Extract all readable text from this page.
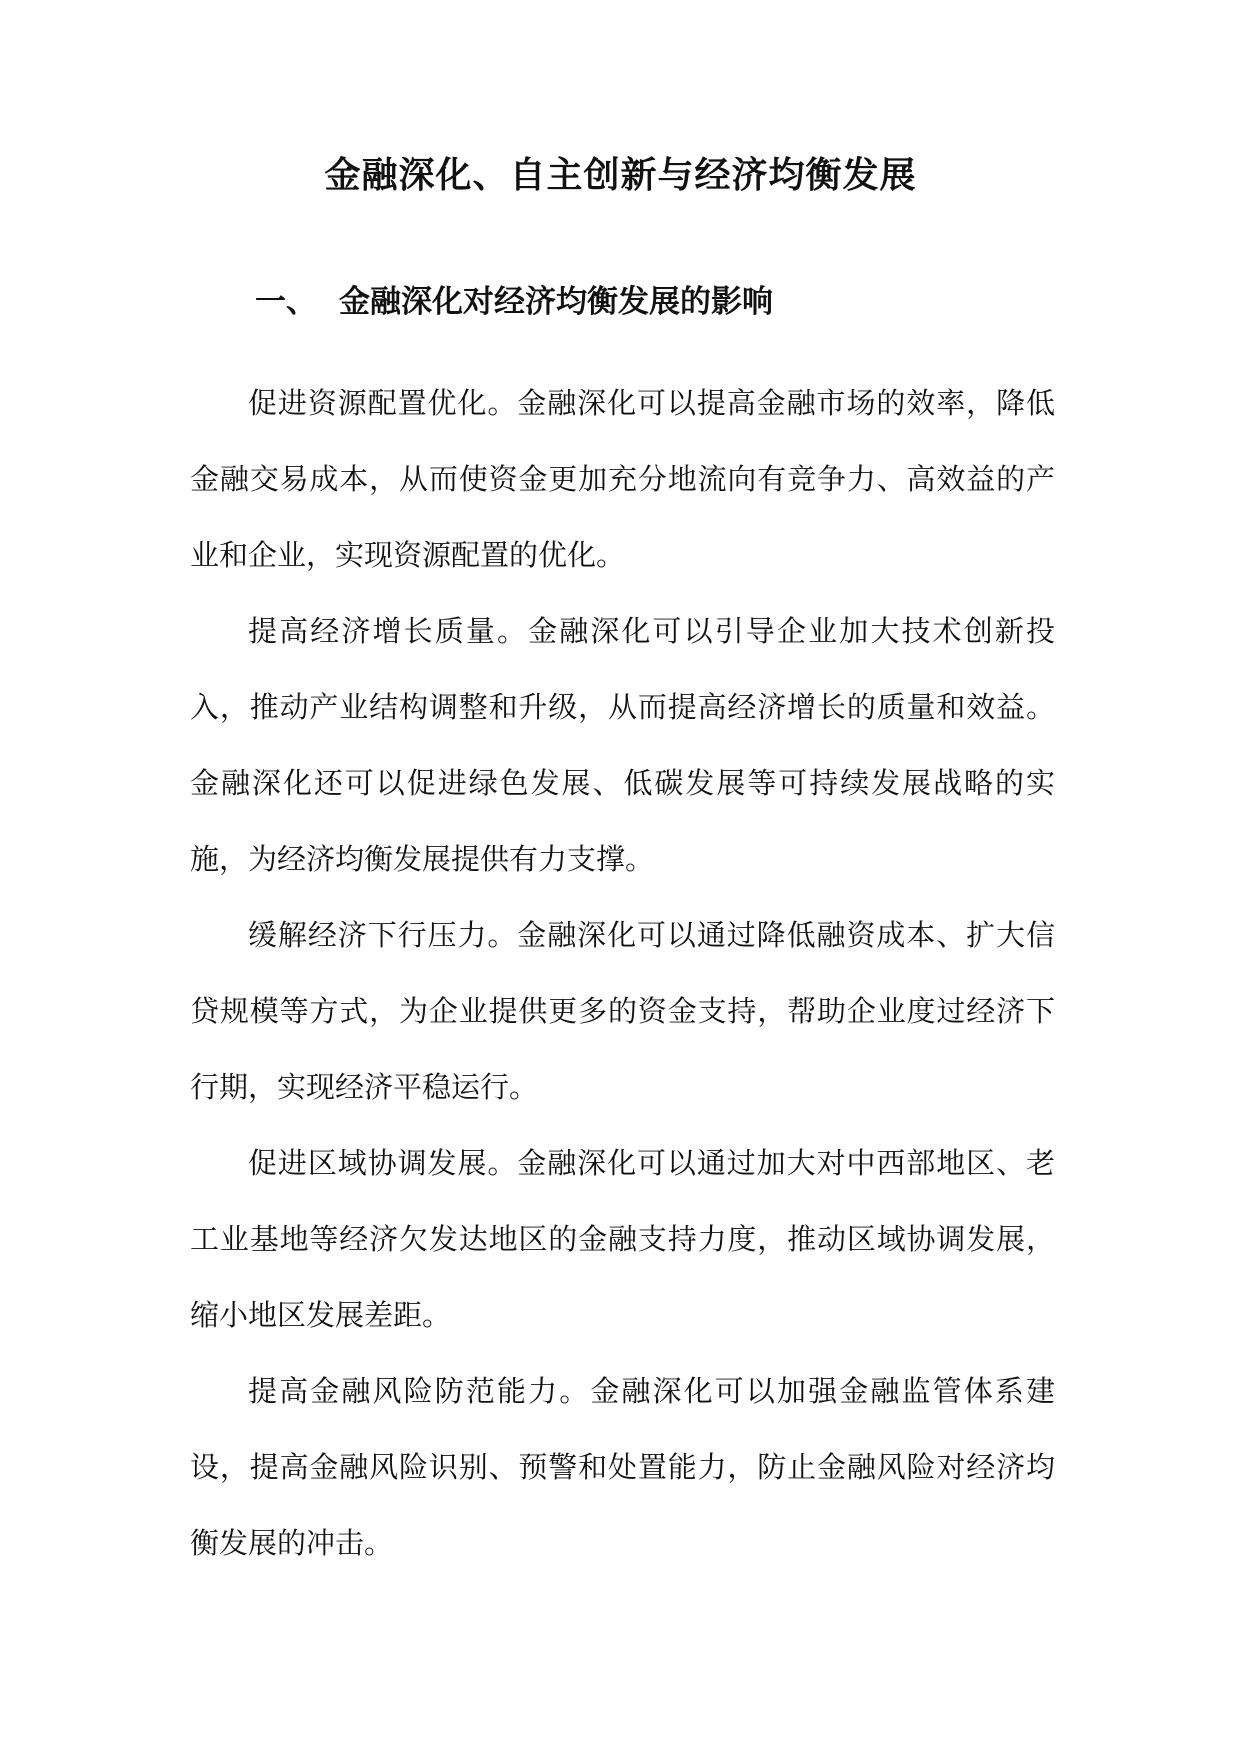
金融深化、自主创新与经济均衡发展
一、 金融深化对经济均衡发展的影响

促进资源配置优化。金融深化可以提高金融市场的效率，降低金融交易成本，从而使资金更加充分地流向有竞争力、高效益的产业和企业，实现资源配置的优化。

提高经济增长质量。金融深化可以引导企业加大技术创新投入，推动产业结构调整和升级，从而提高经济增长的质量和效益。金融深化还可以促进绿色发展、低碳发展等可持续发展战略的实施，为经济均衡发展提供有力支撑。

缓解经济下行压力。金融深化可以通过降低融资成本、扩大信贷规模等方式，为企业提供更多的资金支持，帮助企业度过经济下行期，实现经济平稳运行。

促进区域协调发展。金融深化可以通过加大对中西部地区、老工业基地等经济欠发达地区的金融支持力度，推动区域协调发展，缩小地区发展差距。

提高金融风险防范能力。金融深化可以加强金融监管体系建设，提高金融风险识别、预警和处置能力，防止金融风险对经济均衡发展的冲击。
